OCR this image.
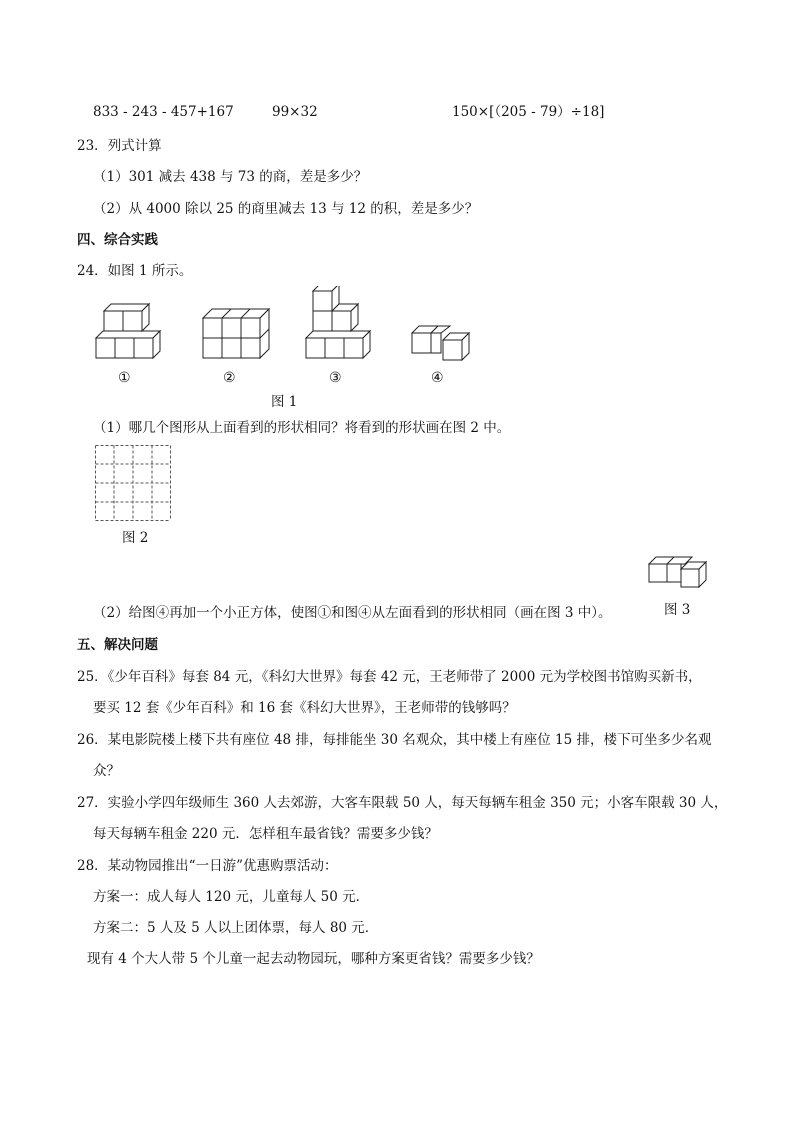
833 - 243 - 457+167	99×32	150×[（205 - 79）÷18]
23．列式计算
（1）301 减去 438 与 73 的商，差是多少？
（2）从 4000 除以 25 的商里减去 13 与 12 的积，差是多少？
四、综合实践
24．如图 1 所示。
①	②	③	④
图 1
（1）哪几个图形从上面看到的形状相同？将看到的形状画在图 2 中。
图 2
（2）给图④再加一个小正方体，使图①和图④从左面看到的形状相同（画在图 3 中）。	图 3
五、解决问题
25．《少年百科》每套 84 元，《科幻大世界》每套 42 元，王老师带了 2000 元为学校图书馆购买新书，
要买 12 套《少年百科》和 16 套《科幻大世界》，王老师带的钱够吗？
26．某电影院楼上楼下共有座位 48 排，每排能坐 30 名观众，其中楼上有座位 15 排，楼下可坐多少名观
众？
27．实验小学四年级师生 360 人去郊游，大客车限载 50 人，每天每辆车租金 350 元；小客车限载 30 人，
每天每辆车租金 220 元．怎样租车最省钱？需要多少钱？
28．某动物园推出“一日游”优惠购票活动：
方案一：成人每人 120 元，儿童每人 50 元．
方案二：5 人及 5 人以上团体票，每人 80 元．
现有 4 个大人带 5 个儿童一起去动物园玩，哪种方案更省钱？需要多少钱？
